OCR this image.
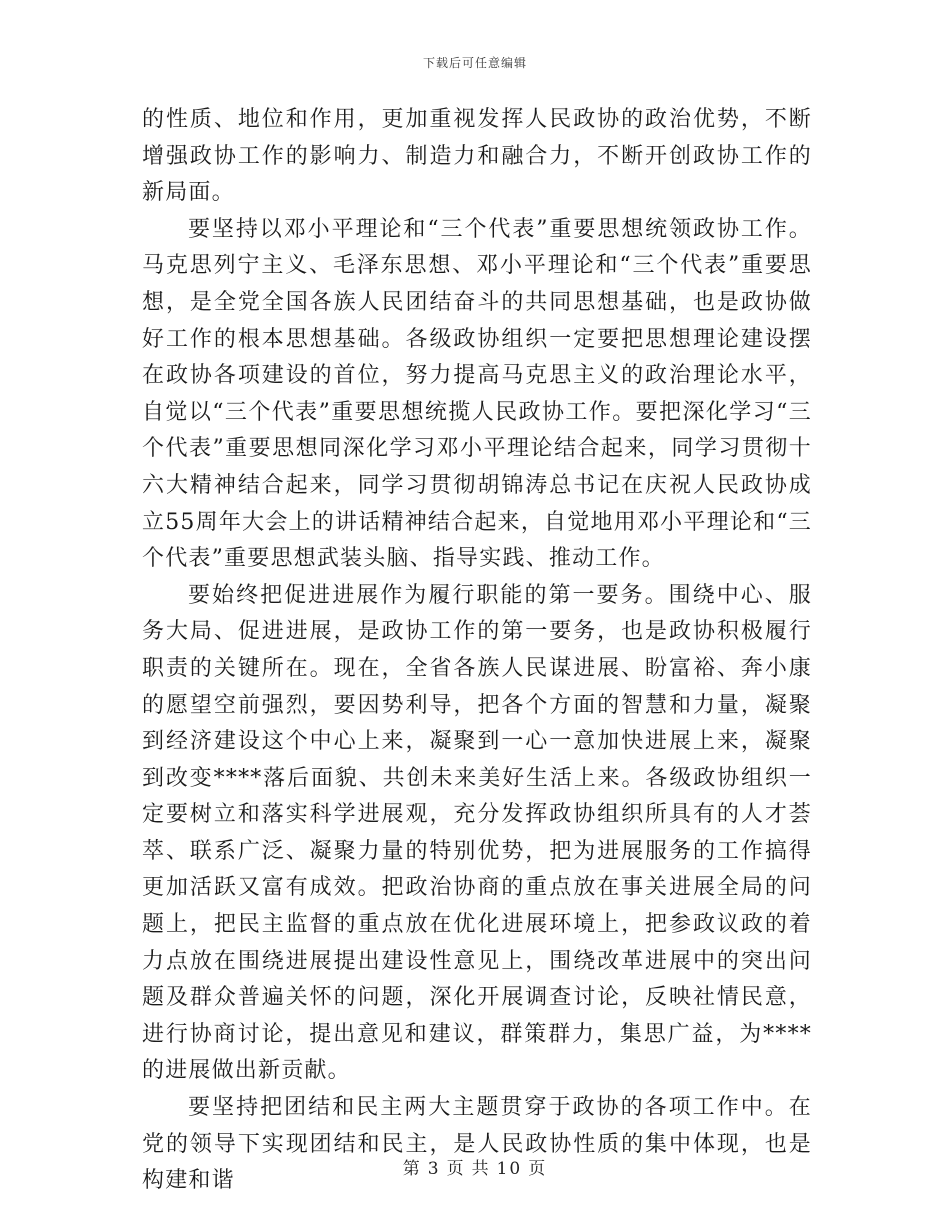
下载后可任意编辑

的性质、地位和作用，更加重视发挥人民政协的政治优势，不断增强政协工作的影响力、制造力和融合力，不断开创政协工作的新局面。

要坚持以邓小平理论和“三个代表”重要思想统领政协工作。马克思列宁主义、毛泽东思想、邓小平理论和“三个代表”重要思想，是全党全国各族人民团结奋斗的共同思想基础，也是政协做好工作的根本思想基础。各级政协组织一定要把思想理论建设摆在政协各项建设的首位，努力提高马克思主义的政治理论水平，自觉以“三个代表”重要思想统揽人民政协工作。要把深化学习“三个代表”重要思想同深化学习邓小平理论结合起来，同学习贯彻十六大精神结合起来，同学习贯彻胡锦涛总书记在庆祝人民政协成立55周年大会上的讲话精神结合起来，自觉地用邓小平理论和“三个代表”重要思想武装头脑、指导实践、推动工作。

要始终把促进进展作为履行职能的第一要务。围绕中心、服务大局、促进进展，是政协工作的第一要务，也是政协积极履行职责的关键所在。现在，全省各族人民谋进展、盼富裕、奔小康的愿望空前强烈，要因势利导，把各个方面的智慧和力量，凝聚到经济建设这个中心上来，凝聚到一心一意加快进展上来，凝聚到改变****落后面貌、共创未来美好生活上来。各级政协组织一定要树立和落实科学进展观，充分发挥政协组织所具有的人才荟萃、联系广泛、凝聚力量的特别优势，把为进展服务的工作搞得更加活跃又富有成效。把政治协商的重点放在事关进展全局的问题上，把民主监督的重点放在优化进展环境上，把参政议政的着力点放在围绕进展提出建设性意见上，围绕改革进展中的突出问题及群众普遍关怀的问题，深化开展调查讨论，反映社情民意，进行协商讨论，提出意见和建议，群策群力，集思广益，为****的进展做出新贡献。

要坚持把团结和民主两大主题贯穿于政协的各项工作中。在党的领导下实现团结和民主，是人民政协性质的集中体现，也是构建和谐	第 3 页 共 10 页
